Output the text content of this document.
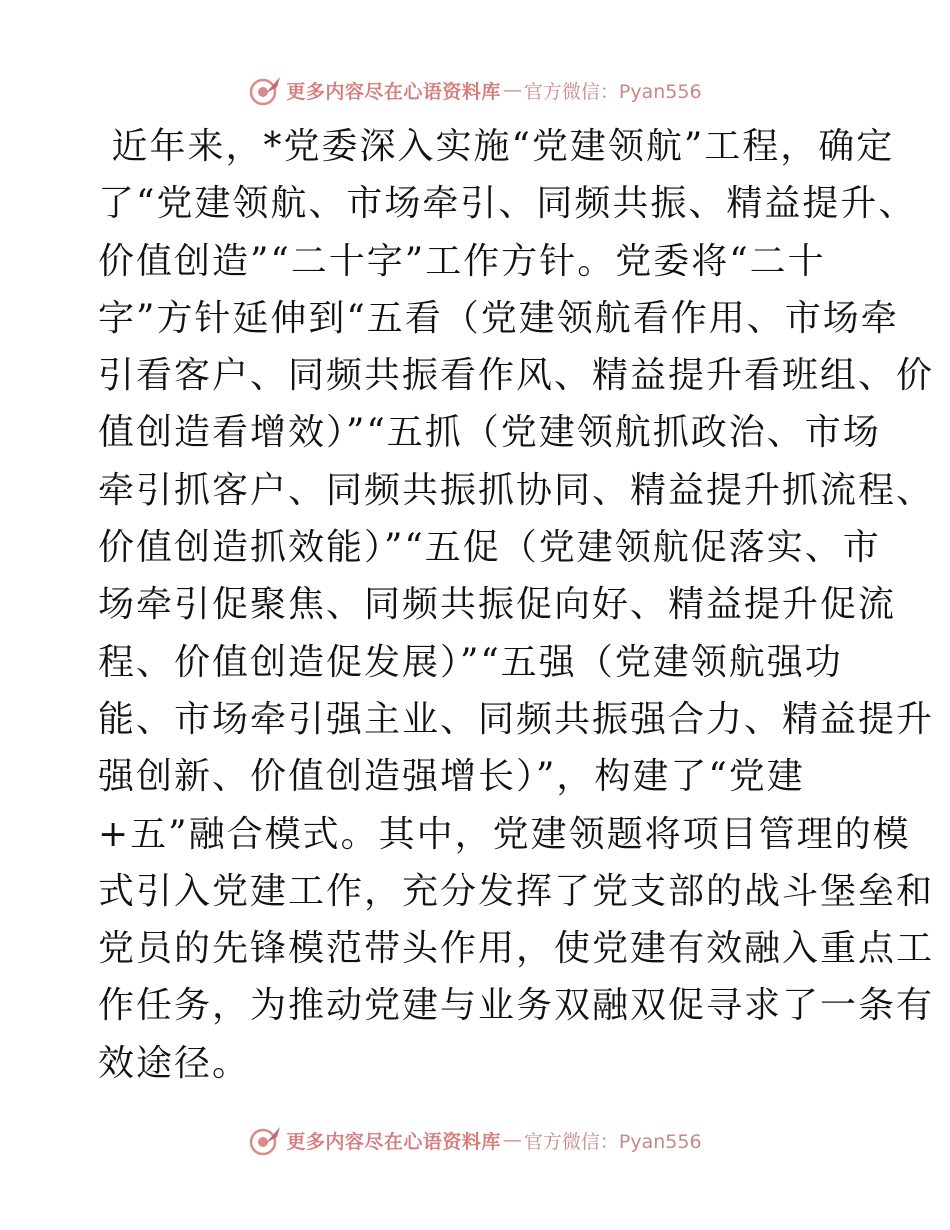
更多内容尽在心语资料库 — 官方微信：Pyan556

近年来，*党委深入实施“党建领航”工程，确定
了“党建领航、市场牵引、同频共振、精益提升、
价值创造”“二十字”工作方针。党委将“二十
字”方针延伸到“五看（党建领航看作用、市场牵
引看客户、同频共振看作风、精益提升看班组、价
值创造看增效）”“五抓（党建领航抓政治、市场
牵引抓客户、同频共振抓协同、精益提升抓流程、
价值创造抓效能）”“五促（党建领航促落实、市
场牵引促聚焦、同频共振促向好、精益提升促流
程、价值创造促发展）”“五强（党建领航强功
能、市场牵引强主业、同频共振强合力、精益提升
强创新、价值创造强增长）”，构建了“党建
+五”融合模式。其中，党建领题将项目管理的模
式引入党建工作，充分发挥了党支部的战斗堡垒和
党员的先锋模范带头作用，使党建有效融入重点工
作任务，为推动党建与业务双融双促寻求了一条有
效途径。

更多内容尽在心语资料库 — 官方微信：Pyan556
